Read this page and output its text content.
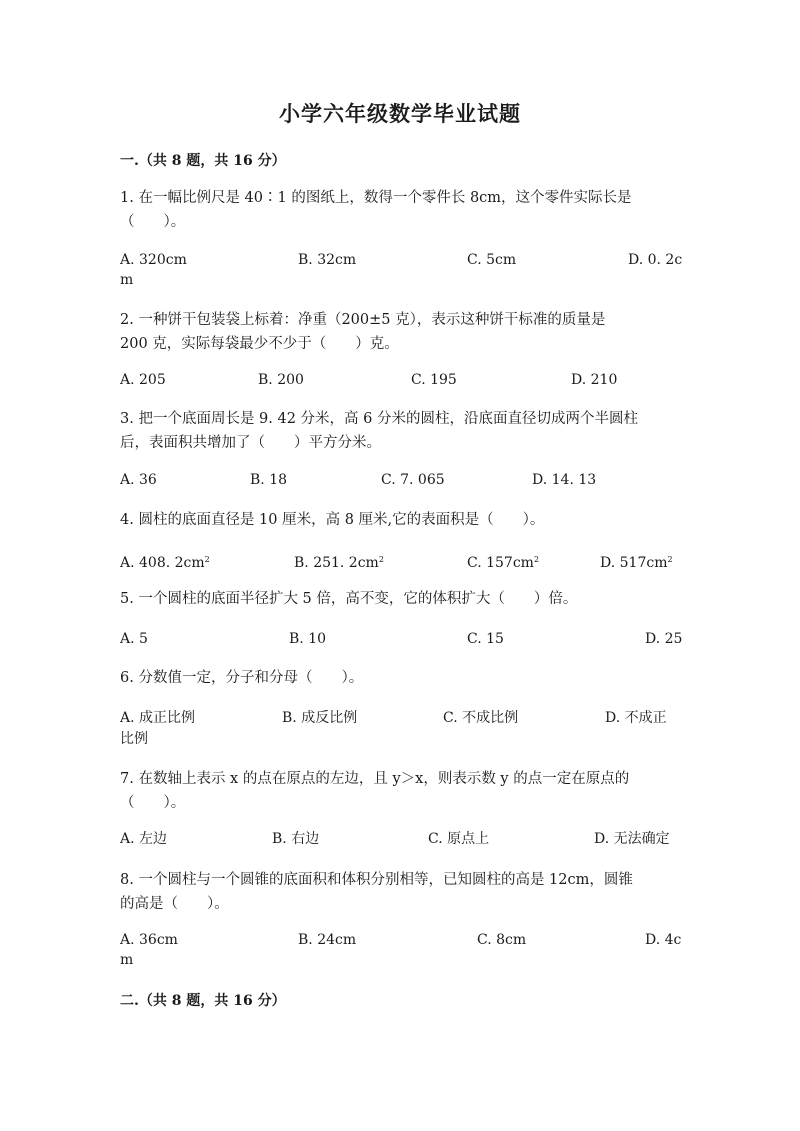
小学六年级数学毕业试题
一.（共 8 题，共 16 分）
1. 在一幅比例尺是 40∶1 的图纸上，数得一个零件长 8cm，这个零件实际长是
（　　）。
A. 320cm	B. 32cm	C. 5cm	D. 0. 2c
m
2. 一种饼干包装袋上标着：净重（200±5 克），表示这种饼干标准的质量是
200 克，实际每袋最少不少于（　　）克。
A. 205	B. 200	C. 195	D. 210
3. 把一个底面周长是 9. 42 分米，高 6 分米的圆柱，沿底面直径切成两个半圆柱
后，表面积共增加了（　　）平方分米。
A. 36	B. 18	C. 7. 065	D. 14. 13
4. 圆柱的底面直径是 10 厘米，高 8 厘米,它的表面积是（　　）。
A. 408. $2cm^2$	B. 251. $2cm^2$	C. $157cm^2$	D. $517cm^2$
5. 一个圆柱的底面半径扩大 5 倍，高不变，它的体积扩大（　　）倍。
A. 5	B. 10	C. 15	D. 25
6. 分数值一定，分子和分母（　　）。
A. 成正比例	B. 成反比例	C. 不成比例	D. 不成正
比例
7. 在数轴上表示 x 的点在原点的左边，且 y＞x，则表示数 y 的点一定在原点的
（　　）。
A. 左边	B. 右边	C. 原点上	D. 无法确定
8. 一个圆柱与一个圆锥的底面积和体积分别相等，已知圆柱的高是 12cm，圆锥
的高是（　　）。
A. 36cm	B. 24cm	C. 8cm	D. 4c
m
二.（共 8 题，共 16 分）
